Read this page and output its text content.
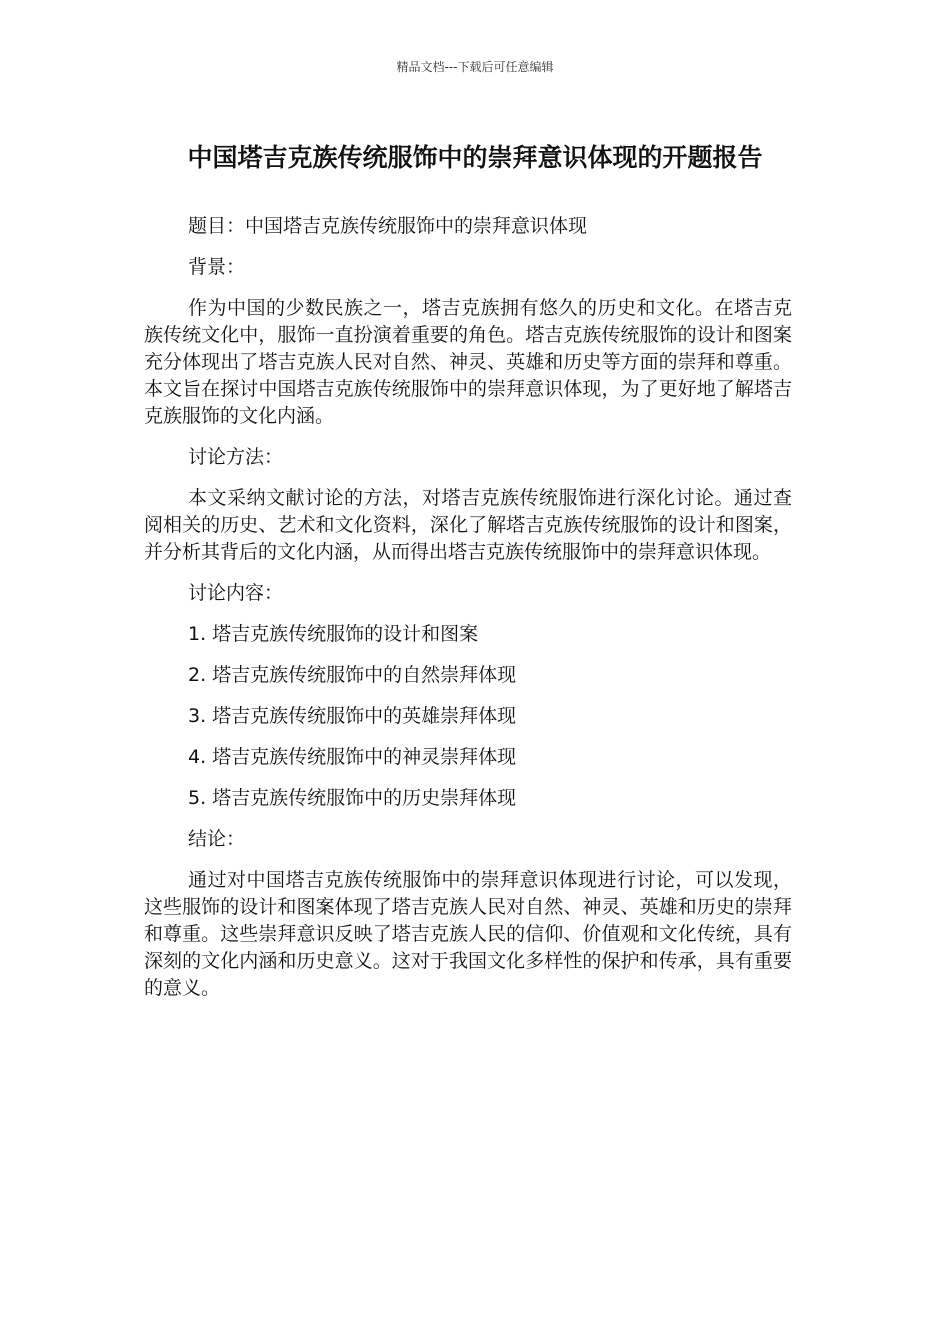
精品文档---下载后可任意编辑
中国塔吉克族传统服饰中的崇拜意识体现的开题报告

题目：中国塔吉克族传统服饰中的崇拜意识体现

背景：

作为中国的少数民族之一，塔吉克族拥有悠久的历史和文化。在塔吉克族传统文化中，服饰一直扮演着重要的角色。塔吉克族传统服饰的设计和图案充分体现出了塔吉克族人民对自然、神灵、英雄和历史等方面的崇拜和尊重。本文旨在探讨中国塔吉克族传统服饰中的崇拜意识体现，为了更好地了解塔吉克族服饰的文化内涵。

讨论方法：

本文采纳文献讨论的方法，对塔吉克族传统服饰进行深化讨论。通过查阅相关的历史、艺术和文化资料，深化了解塔吉克族传统服饰的设计和图案，并分析其背后的文化内涵，从而得出塔吉克族传统服饰中的崇拜意识体现。

讨论内容：

1. 塔吉克族传统服饰的设计和图案

2. 塔吉克族传统服饰中的自然崇拜体现

3. 塔吉克族传统服饰中的英雄崇拜体现

4. 塔吉克族传统服饰中的神灵崇拜体现

5. 塔吉克族传统服饰中的历史崇拜体现

结论：

通过对中国塔吉克族传统服饰中的崇拜意识体现进行讨论，可以发现，这些服饰的设计和图案体现了塔吉克族人民对自然、神灵、英雄和历史的崇拜和尊重。这些崇拜意识反映了塔吉克族人民的信仰、价值观和文化传统，具有深刻的文化内涵和历史意义。这对于我国文化多样性的保护和传承，具有重要的意义。
